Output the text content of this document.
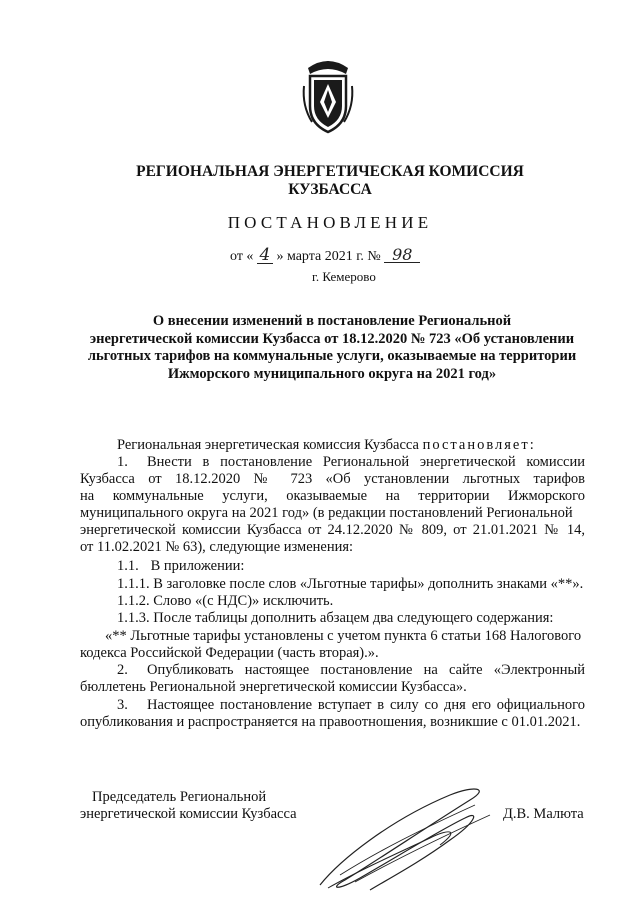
РЕГИОНАЛЬНАЯ ЭНЕРГЕТИЧЕСКАЯ КОМИССИЯ
КУЗБАССА
ПОСТАНОВЛЕНИЕ
от « 4 » марта 2021 г. № 98
г. Кемерово
О внесении изменений в постановление Региональной
энергетической комиссии Кузбасса от 18.12.2020 № 723 «Об установлении
льготных тарифов на коммунальные услуги, оказываемые на территории
Ижморского муниципального округа на 2021 год»
Региональная энергетическая комиссия Кузбасса постановляет:
1.	Внести в постановление Региональной энергетической комиссии
Кузбасса от 18.12.2020 № 723 «Об установлении льготных тарифов
на коммунальные услуги, оказываемые на территории Ижморского
муниципального округа на 2021 год» (в редакции постановлений Региональной
энергетической комиссии Кузбасса от 24.12.2020 № 809, от 21.01.2021 № 14,
от 11.02.2021 № 63), следующие изменения:
1.1. В приложении:
1.1.1. В заголовке после слов «Льготные тарифы» дополнить знаками «**».
1.1.2. Слово «(с НДС)» исключить.
1.1.3. После таблицы дополнить абзацем два следующего содержания:
«** Льготные тарифы установлены с учетом пункта 6 статьи 168 Налогового
кодекса Российской Федерации (часть вторая).».
2.	Опубликовать настоящее постановление на сайте «Электронный
бюллетень Региональной энергетической комиссии Кузбасса».
3.	Настоящее постановление вступает в силу со дня его официального
опубликования и распространяется на правоотношения, возникшие с 01.01.2021.
Председатель Региональной
энергетической комиссии Кузбасса	Д.В. Малюта
